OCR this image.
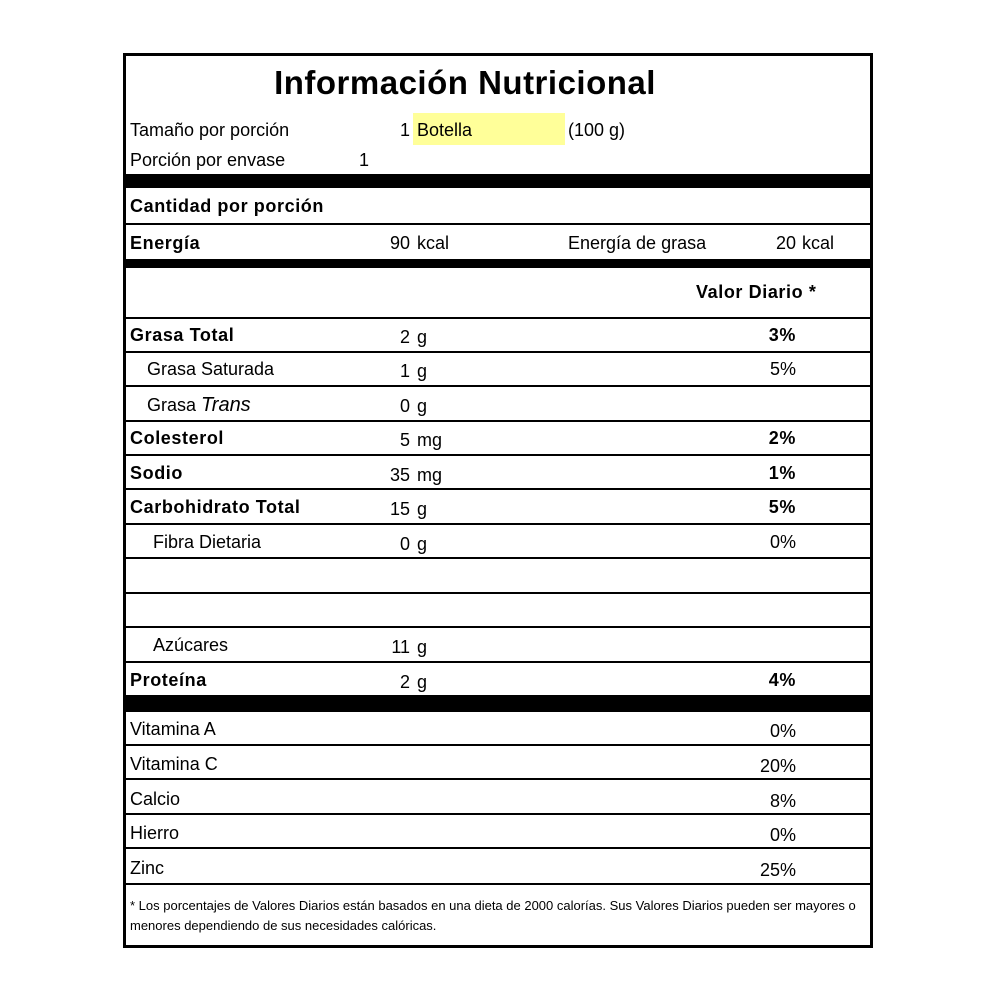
Información Nutricional
Tamaño por porción	1 Botella	(100 g)
Porción por envase	1
Cantidad por porción
Energía	90 kcal	Energía de grasa	20 kcal
Valor Diario *
Grasa Total	2 g	3%
Grasa Saturada	1 g	5%
Grasa Trans	0 g
Colesterol	5 mg	2%
Sodio	35 mg	1%
Carbohidrato Total	15 g	5%
Fibra Dietaria	0 g	0%
Azúcares	11 g
Proteína	2 g	4%
Vitamina A	0%
Vitamina C	20%
Calcio	8%
Hierro	0%
Zinc	25%
* Los porcentajes de Valores Diarios están basados en una dieta de 2000 calorías. Sus Valores Diarios pueden ser mayores o menores dependiendo de sus necesidades calóricas.
